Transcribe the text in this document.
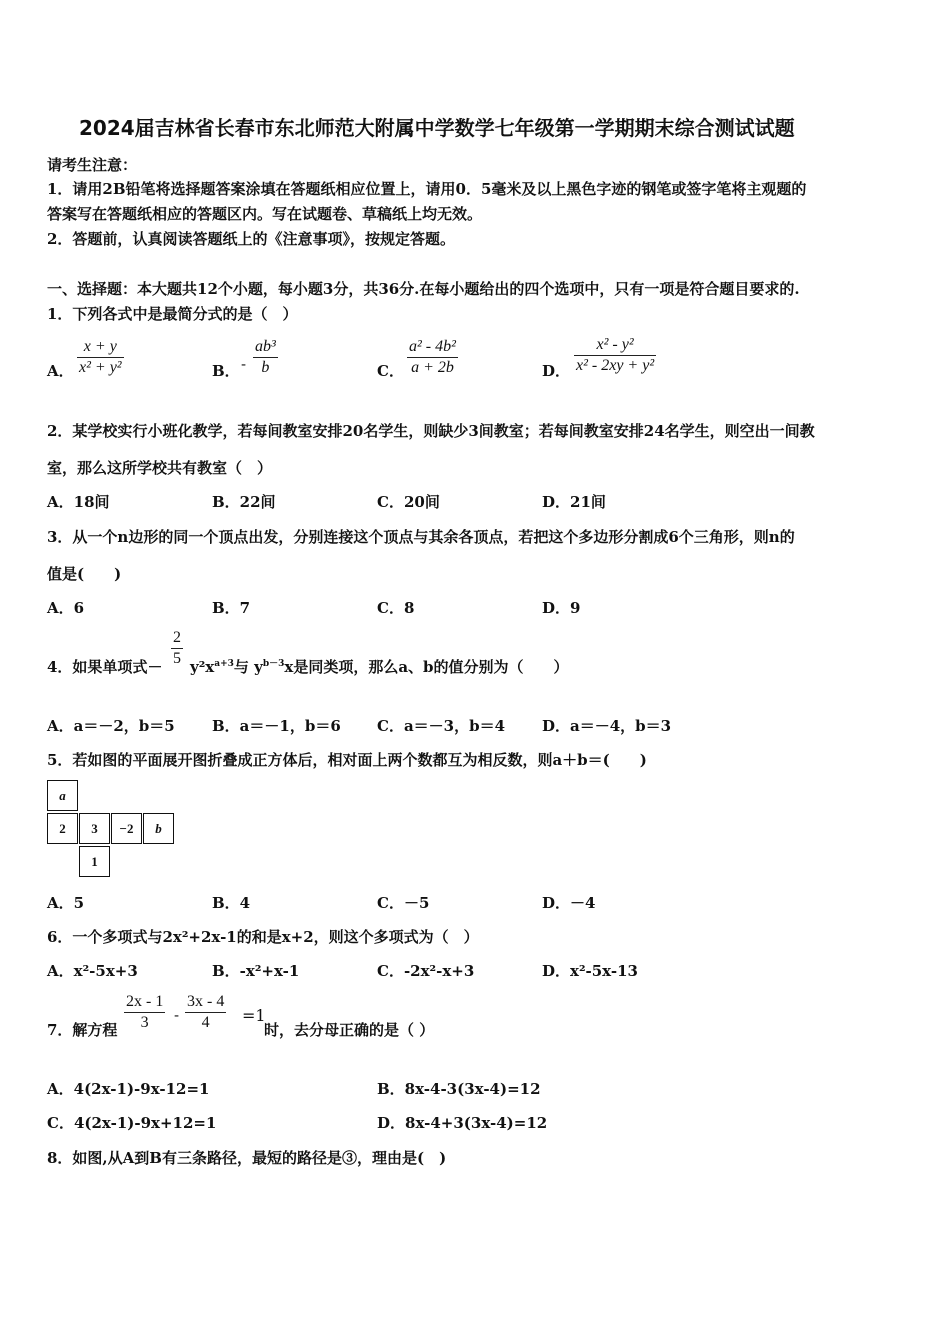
2024届吉林省长春市东北师范大附属中学数学七年级第一学期期末综合测试试题
请考生注意：
1．请用2B铅笔将选择题答案涂填在答题纸相应位置上，请用0．5毫米及以上黑色字迹的钢笔或签字笔将主观题的
答案写在答题纸相应的答题区内。写在试题卷、草稿纸上均无效。
2．答题前，认真阅读答题纸上的《注意事项》，按规定答题。
一、选择题：本大题共12个小题，每小题3分，共36分.在每小题给出的四个选项中，只有一项是符合题目要求的.
1．下列各式中是最简分式的是（　）
A．
x + y
x² + y²	B． -
ab³
b	C．
a² - 4b²
a + 2b	D．
x² - y²
x² - 2xy + y²
2．某学校实行小班化教学，若每间教室安排20名学生，则缺少3间教室；若每间教室安排24名学生，则空出一间教
室，那么这所学校共有教室（　）
A．18间	B．22间	C．20间	D．21间
3．从一个n边形的同一个顶点出发，分别连接这个顶点与其余各顶点，若把这个多边形分割成6个三角形，则n的
值是(　　)
A．6	B．7	C．8	D．9
4．如果单项式－
2
5 $y^2x^{a+3}$与 $y^{b-3}x$是同类项，那么a、b的值分别为（　　）
A．a＝－2，b＝5 B．a＝－1，b＝6 C．a＝－3，b＝4 D．a＝－4，b＝3
5．若如图的平面展开图折叠成正方体后，相对面上两个数都互为相反数，则a＋b＝(　　)
a
2	3	−2	b
1
A．5	B．4	C．－5	D．－4
6．一个多项式与2x²+2x-1的和是x+2，则这个多项式为（　）
A．x²-5x+3	B．-x²+x-1	C．-2x²-x+3	D．x²-5x-13
7．解方程
2x - 1
3	-
3x - 4
4	=1
时，去分母正确的是（ ）
A．4(2x-1)-9x-12=1	B．8x-4-3(3x-4)=12
C．4(2x-1)-9x+12=1	D．8x-4+3(3x-4)=12
8．如图,从A到B有三条路径，最短的路径是③，理由是(　)
